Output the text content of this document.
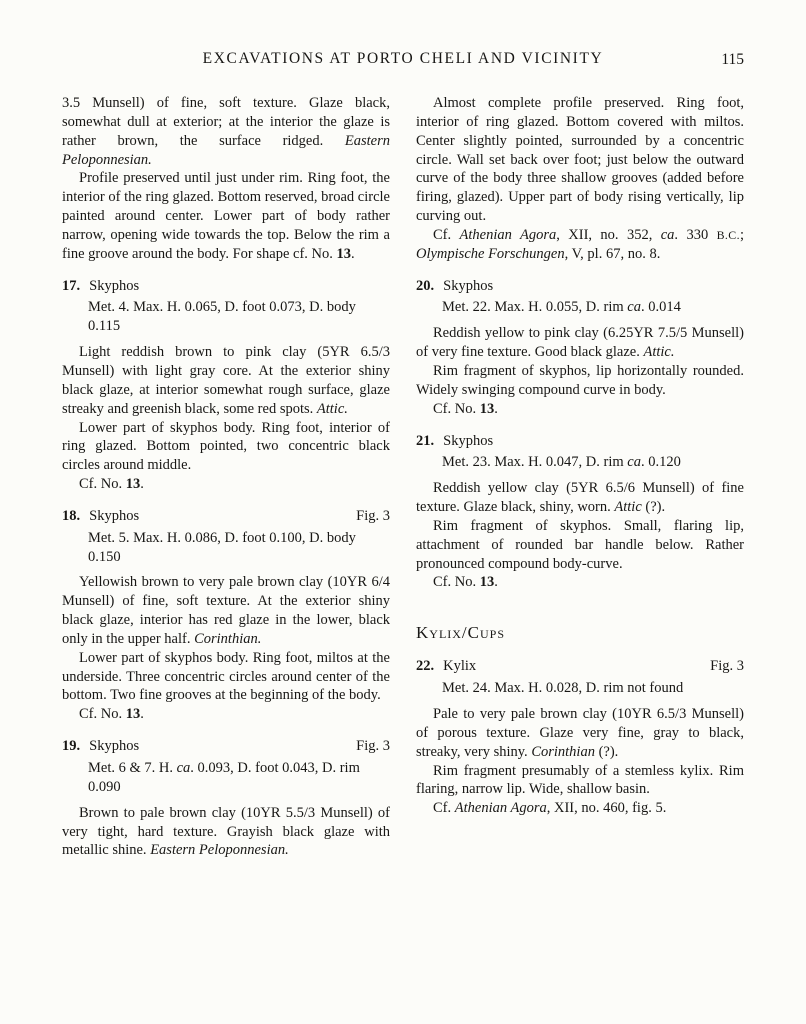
EXCAVATIONS AT PORTO CHELI AND VICINITY	115

3.5 Munsell) of fine, soft texture. Glaze black, somewhat dull at exterior; at the interior the glaze is rather brown, the surface ridged. Eastern Peloponnesian.

Profile preserved until just under rim. Ring foot, the interior of the ring glazed. Bottom reserved, broad circle painted around center. Lower part of body rather narrow, opening wide towards the top. Below the rim a fine groove around the body. For shape cf. No. 13.

17. Skyphos
Met. 4. Max. H. 0.065, D. foot 0.073, D. body 0.115

Light reddish brown to pink clay (5YR 6.5/3 Munsell) with light gray core. At the exterior shiny black glaze, at interior somewhat rough surface, glaze streaky and greenish black, some red spots. Attic.

Lower part of skyphos body. Ring foot, interior of ring glazed. Bottom pointed, two concentric black circles around middle.

Cf. No. 13.

18. Skyphos	Fig. 3
Met. 5. Max. H. 0.086, D. foot 0.100, D. body 0.150

Yellowish brown to very pale brown clay (10YR 6/4 Munsell) of fine, soft texture. At the exterior shiny black glaze, interior has red glaze in the lower, black only in the upper half. Corinthian.

Lower part of skyphos body. Ring foot, miltos at the underside. Three concentric circles around center of the bottom. Two fine grooves at the beginning of the body.

Cf. No. 13.

19. Skyphos	Fig. 3
Met. 6 & 7. H. ca. 0.093, D. foot 0.043, D. rim 0.090

Brown to pale brown clay (10YR 5.5/3 Munsell) of very tight, hard texture. Grayish black glaze with metallic shine. Eastern Peloponnesian.

Almost complete profile preserved. Ring foot, interior of ring glazed. Bottom covered with miltos. Center slightly pointed, surrounded by a concentric circle. Wall set back over foot; just below the outward curve of the body three shallow grooves (added before firing, glazed). Upper part of body rising vertically, lip curving out.

Cf. Athenian Agora, XII, no. 352, ca. 330 B.C.; Olympische Forschungen, V, pl. 67, no. 8.

20. Skyphos
Met. 22. Max. H. 0.055, D. rim ca. 0.014

Reddish yellow to pink clay (6.25YR 7.5/5 Munsell) of very fine texture. Good black glaze. Attic.

Rim fragment of skyphos, lip horizontally rounded. Widely swinging compound curve in body.

Cf. No. 13.

21. Skyphos
Met. 23. Max. H. 0.047, D. rim ca. 0.120

Reddish yellow clay (5YR 6.5/6 Munsell) of fine texture. Glaze black, shiny, worn. Attic (?).

Rim fragment of skyphos. Small, flaring lip, attachment of rounded bar handle below. Rather pronounced compound body-curve.

Cf. No. 13.

Kylix/Cups
22. Kylix	Fig. 3
Met. 24. Max. H. 0.028, D. rim not found

Pale to very pale brown clay (10YR 6.5/3 Munsell) of porous texture. Glaze very fine, gray to black, streaky, very shiny. Corinthian (?).

Rim fragment presumably of a stemless kylix. Rim flaring, narrow lip. Wide, shallow basin.

Cf. Athenian Agora, XII, no. 460, fig. 5.
